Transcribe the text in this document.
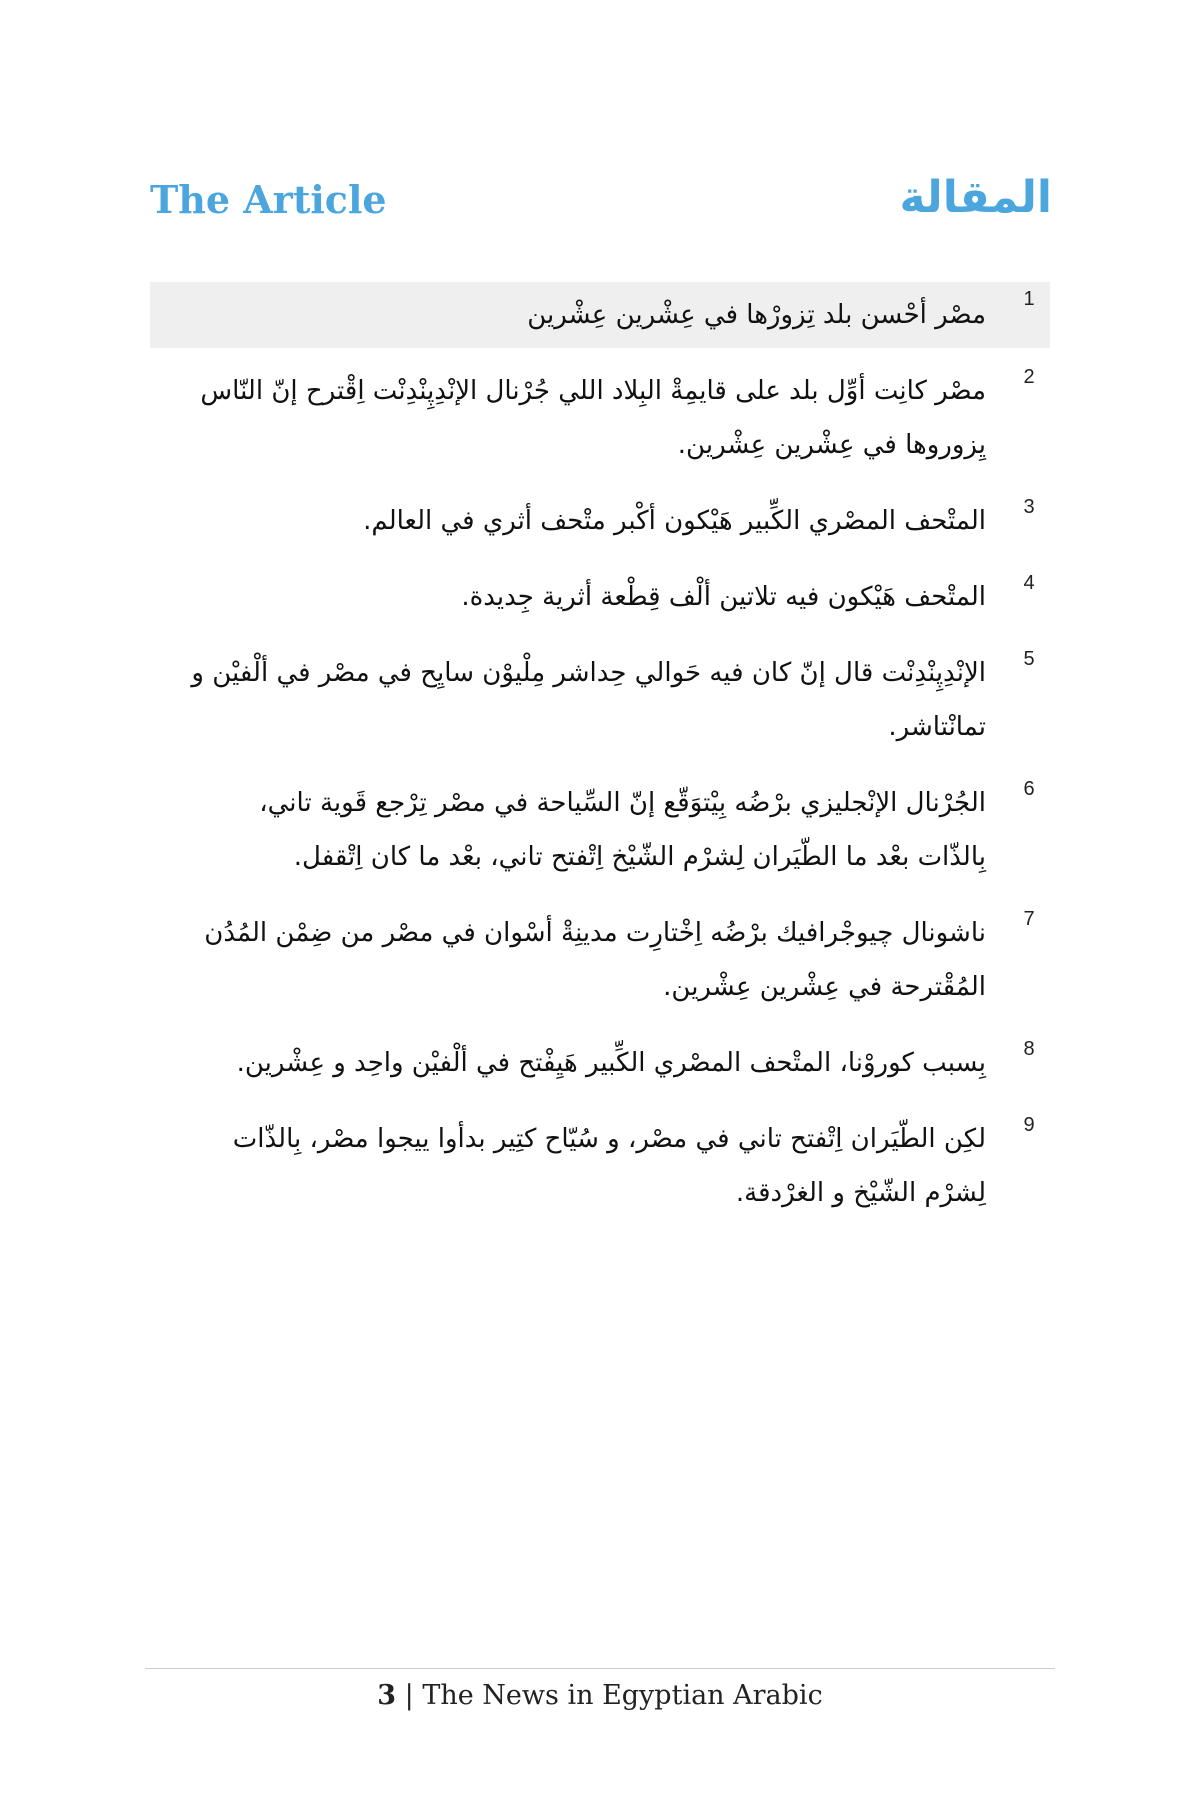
The Article	المقالة
1
مصْر أحْسن بلد تِزورْها في عِشْرين عِشْرين
2
مصْر كانِت أوِّل بلد على قايمِةْ البِلاد اللي جُرْنال الإنْدِپِنْدِنْت اِقْترح إنّ النّاس يِزوروها في عِشْرين عِشْرين.
3
المتْحف المصْري الكِّبير هَيْكون أكْبر متْحف أثري في العالم.
4
المتْحف هَيْكون فيه تلاتين ألْف قِطْعة أثرية جِديدة.
5
الإنْدِپِنْدِنْت قال إنّ كان فيه حَوالي حِداشر مِلْيوْن سايِح في مصْر في ألْفيْن و تمانْتاشر.
6
الجُرْنال الإنْجليزي برْضُه بِيْتوَقّع إنّ السِّياحة في مصْر تِرْجع قَوية تاني، بِالذّات بعْد ما الطّيَران لِشرْم الشّيْخ اِتْفتح تاني، بعْد ما كان اِتْقفل.
7
ناشونال چيوجْرافيك برْضُه اِخْتارِت مدينِةْ أسْوان في مصْر من ضِمْن المُدُن المُقْترحة في عِشْرين عِشْرين.
8
بِسبب كوروْنا، المتْحف المصْري الكِّبير هَيِفْتح في ألْفيْن واحِد و عِشْرين.
9
لكِن الطّيَران اِتْفتح تاني في مصْر، و سُيّاح كتِير بدأوا ييجوا مصْر، بِالذّات لِشرْم الشّيْخ و الغرْدقة.
3 | The News in Egyptian Arabic
